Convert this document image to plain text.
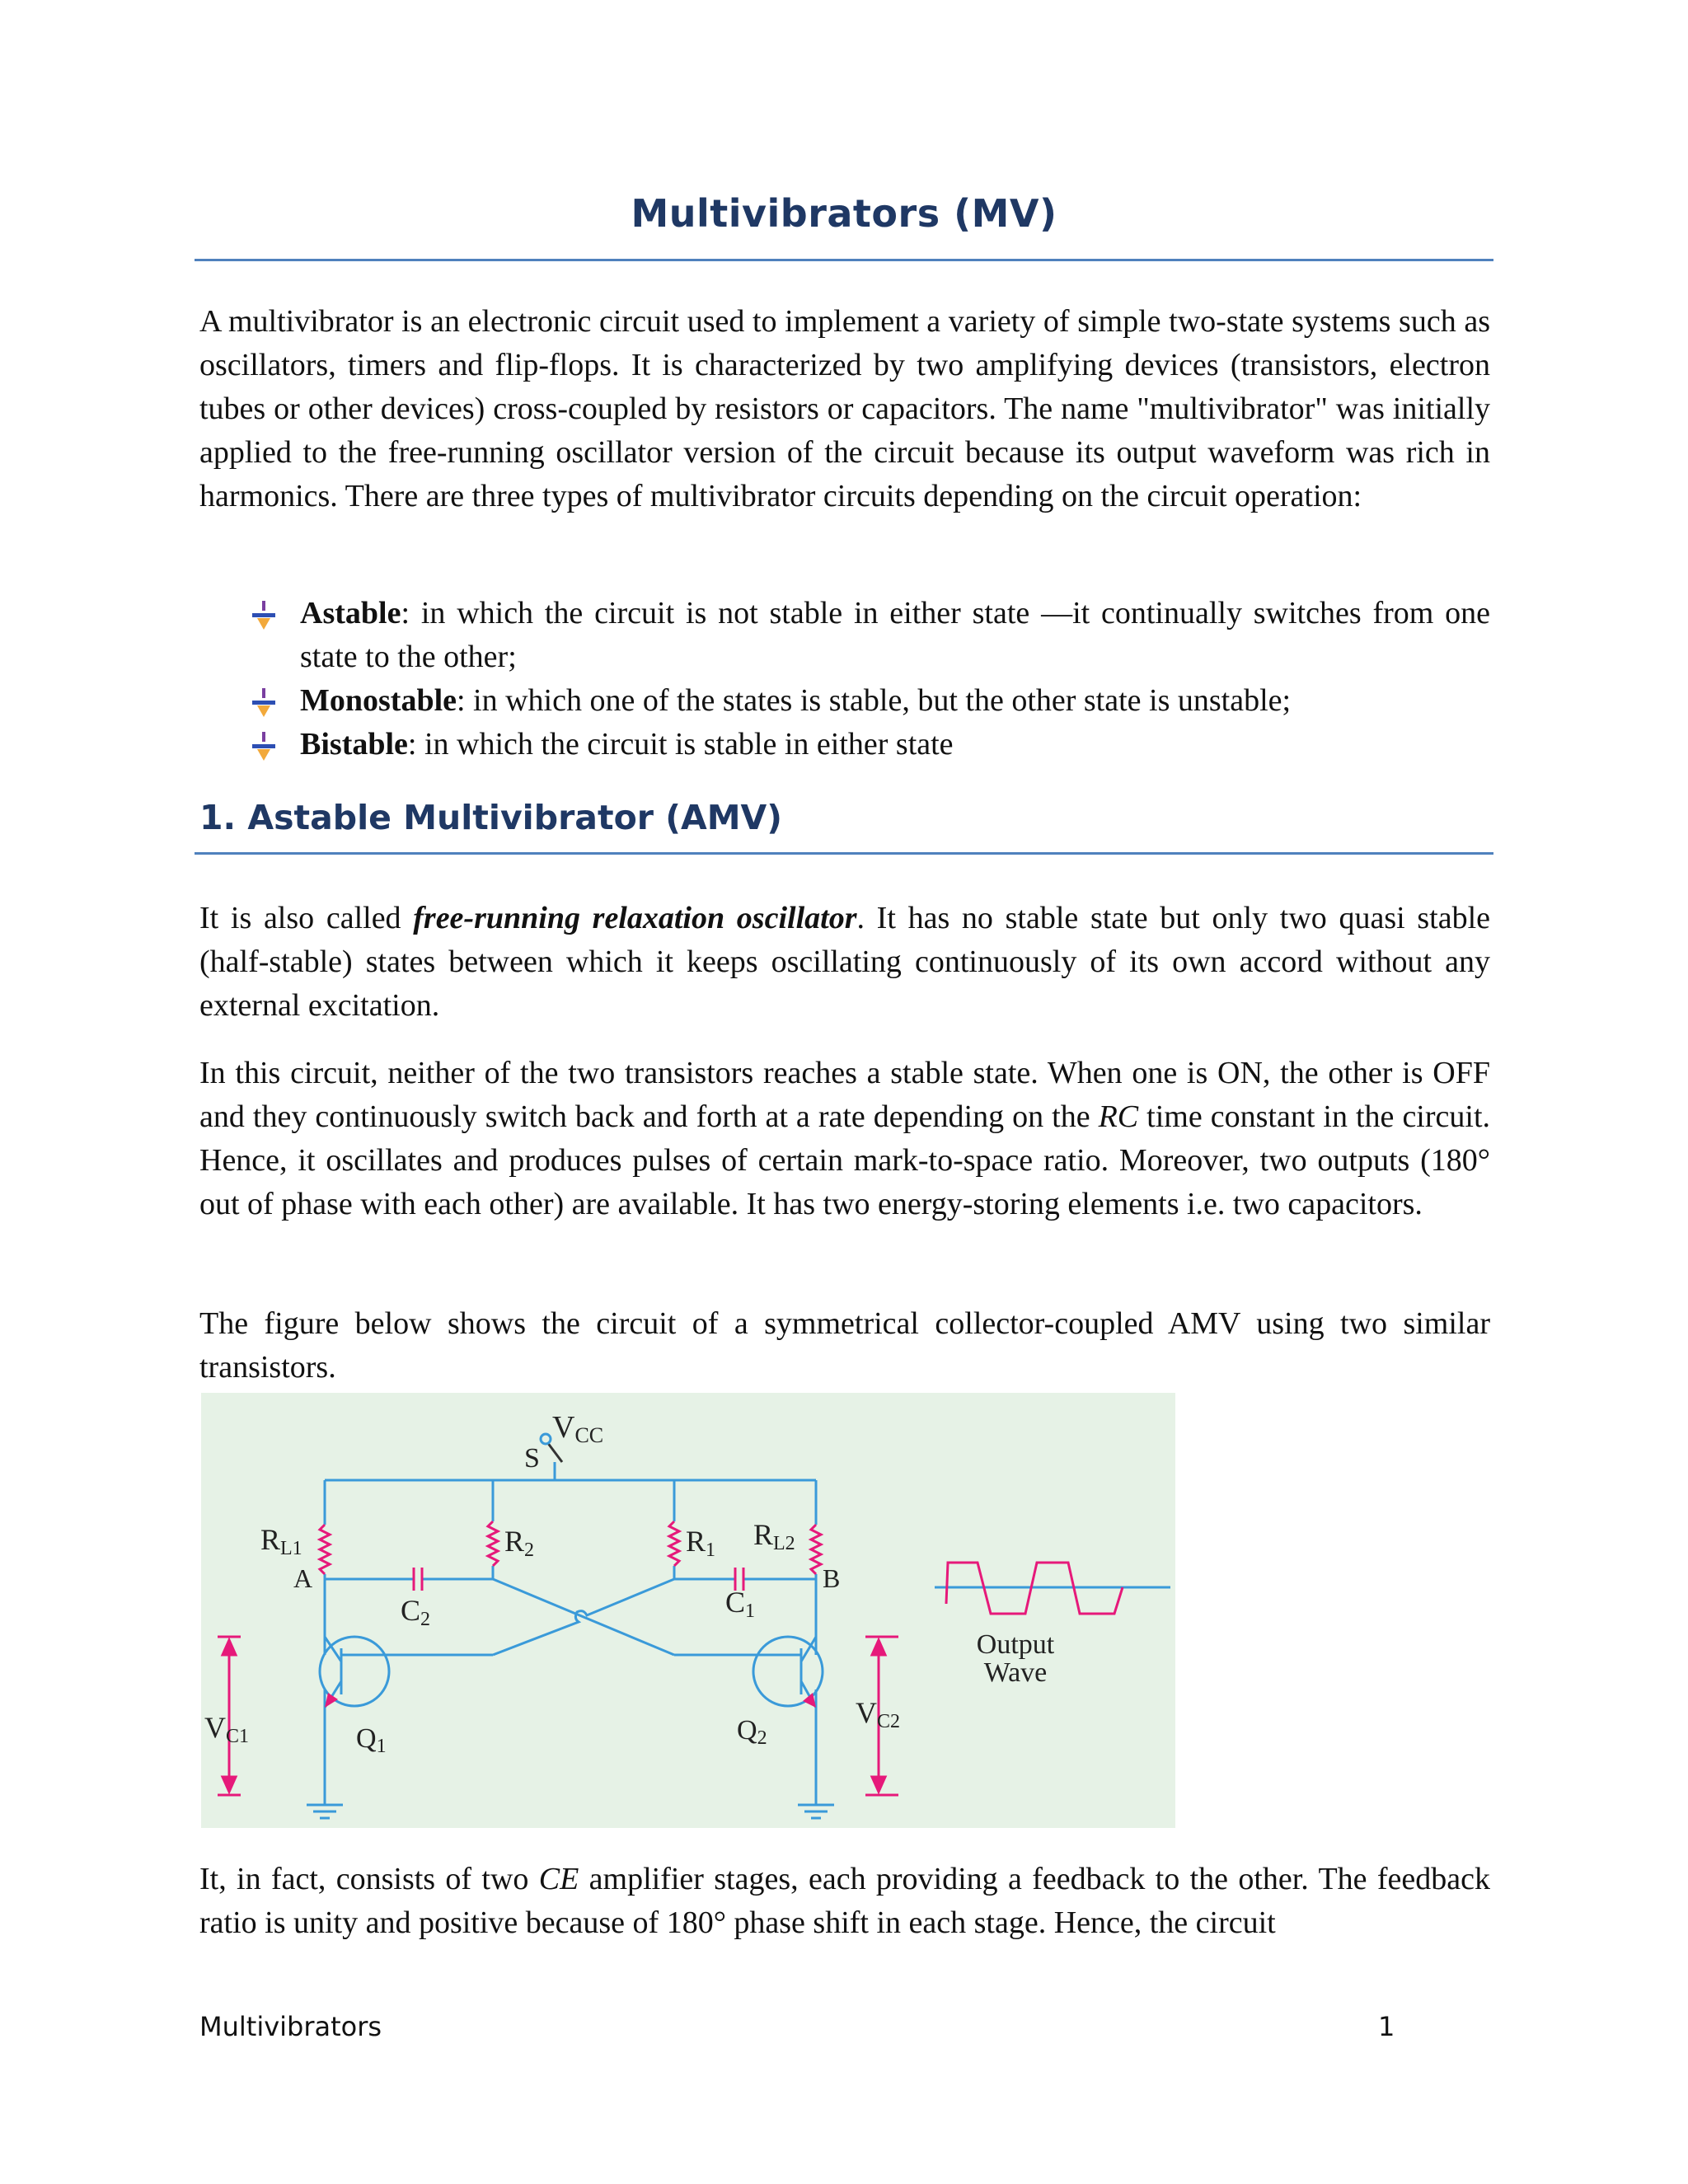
Multivibrators (MV)

A multivibrator is an electronic circuit used to implement a variety of simple two-state systems such as oscillators, timers and flip-flops. It is characterized by two amplifying devices (transistors, electron tubes or other devices) cross-coupled by resistors or capacitors. The name "multivibrator" was initially applied to the free-running oscillator version of the circuit because its output waveform was rich in harmonics. There are three types of multivibrator circuits depending on the circuit operation:

Astable: in which the circuit is not stable in either state —it continually switches from one state to the other;
Monostable: in which one of the states is stable, but the other state is unstable;
Bistable: in which the circuit is stable in either state
1. Astable Multivibrator (AMV)

It is also called free-running relaxation oscillator. It has no stable state but only two quasi stable (half-stable) states between which it keeps oscillating continuously of its own accord without any external excitation.

In this circuit, neither of the two transistors reaches a stable state. When one is ON, the other is OFF and they continuously switch back and forth at a rate depending on the RC time constant in the circuit. Hence, it oscillates and produces pulses of certain mark-to-space ratio. Moreover, two outputs (180° out of phase with each other) are available. It has two energy-storing elements i.e. two capacitors.

The figure below shows the circuit of a symmetrical collector-coupled AMV using two similar transistors.

VCC
S
RL1	R2	R1 RL2
A	B
C2
C1
Q1
Q2
VC1
VC2
Output
Wave

It, in fact, consists of two CE amplifier stages, each providing a feedback to the other. The feedback ratio is unity and positive because of 180° phase shift in each stage. Hence, the circuit

Multivibrators	1
